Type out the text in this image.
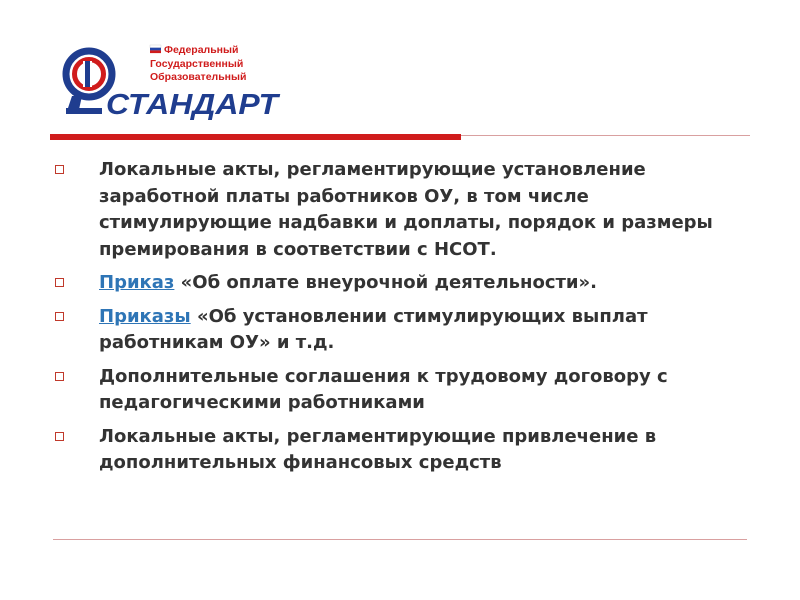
Федеральный
Государственный
Образовательный
СТАНДАРТ
Локальные акты, регламентирующие установление заработной платы работников ОУ, в том числе стимулирующие надбавки и доплаты, порядок и размеры премирования в соответствии с НСОТ.
Приказ «Об оплате внеурочной деятельности».
Приказы «Об установлении стимулирующих выплат работникам ОУ» и т.д.
Дополнительные соглашения к трудовому договору с педагогическими работниками
Локальные акты, регламентирующие привлечение в дополнительных финансовых средств
